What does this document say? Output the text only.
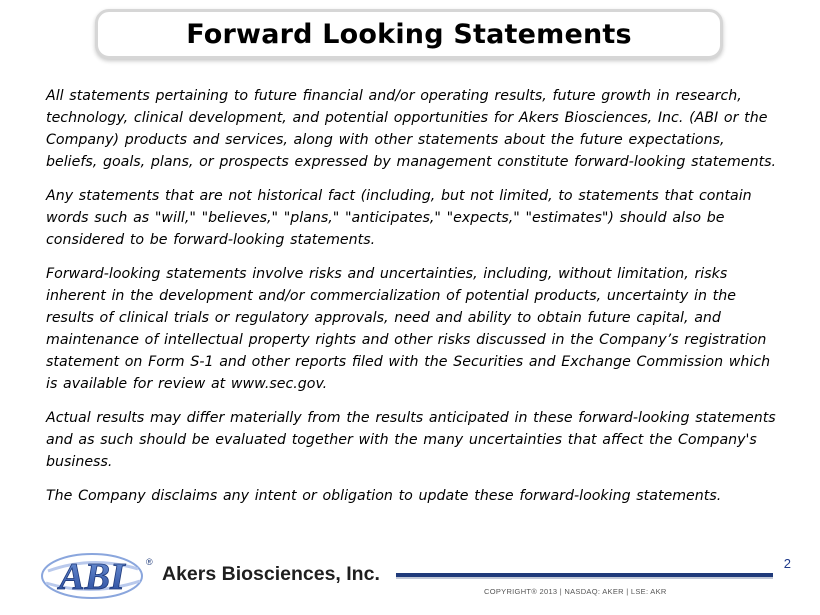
Forward Looking Statements

All statements pertaining to future financial and/or operating results, future growth in research, technology, clinical development, and potential opportunities for Akers Biosciences, Inc. (ABI or the Company) products and services, along with other statements about the future expectations, beliefs, goals, plans, or prospects expressed by management constitute forward-looking statements.

Any statements that are not historical fact (including, but not limited, to statements that contain words such as "will," "believes," "plans," "anticipates," "expects," "estimates") should also be considered to be forward-looking statements.

Forward-looking statements involve risks and uncertainties, including, without limitation, risks inherent in the development and/or commercialization of potential products, uncertainty in the results of clinical trials or regulatory approvals, need and ability to obtain future capital, and maintenance of intellectual property rights and other risks discussed in the Company’s registration statement on Form S-1 and other reports filed with the Securities and Exchange Commission which is available for review at www.sec.gov.

Actual results may differ materially from the results anticipated in these forward-looking statements and as such should be evaluated together with the many uncertainties that affect the Company's business.

The Company disclaims any intent or obligation to update these forward-looking statements.

ABI ®
Akers Biosciences, Inc.	2
COPYRIGHT® 2013 | NASDAQ: AKER | LSE: AKR
